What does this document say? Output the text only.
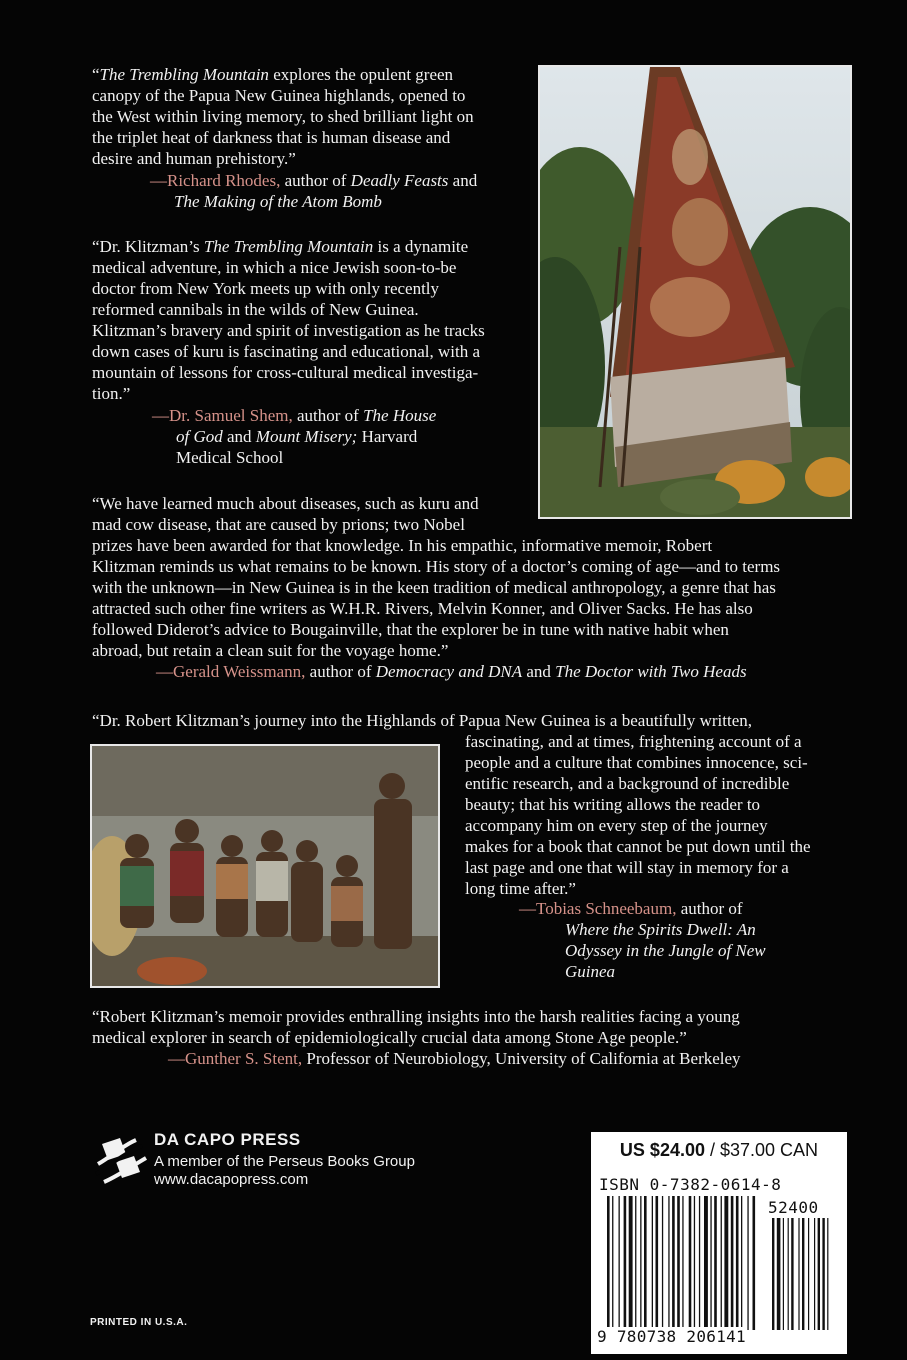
“The Trembling Mountain explores the opulent green

canopy of the Papua New Guinea highlands, opened to

the West within living memory, to shed brilliant light on

the triplet heat of darkness that is human disease and

desire and human prehistory.”

—Richard Rhodes, author of Deadly Feasts and
The Making of the Atom Bomb

“Dr. Klitzman’s The Trembling Mountain is a dynamite

medical adventure, in which a nice Jewish soon-to-be

doctor from New York meets up with only recently

reformed cannibals in the wilds of New Guinea.

Klitzman’s bravery and spirit of investigation as he tracks

down cases of kuru is fascinating and educational, with a

mountain of lessons for cross-cultural medical investiga-

tion.”

—Dr. Samuel Shem, author of The House
of God and Mount Misery; Harvard
Medical School

“We have learned much about diseases, such as kuru and

mad cow disease, that are caused by prions; two Nobel

prizes have been awarded for that knowledge. In his empathic, informative memoir, Robert

Klitzman reminds us what remains to be known. His story of a doctor’s coming of age—and to terms

with the unknown—in New Guinea is in the keen tradition of medical anthropology, a genre that has

attracted such other fine writers as W.H.R. Rivers, Melvin Konner, and Oliver Sacks. He has also

followed Diderot’s advice to Bougainville, that the explorer be in tune with native habit when

abroad, but retain a clean suit for the voyage home.”

—Gerald Weissmann, author of Democracy and DNA and The Doctor with Two Heads

“Dr. Robert Klitzman’s journey into the Highlands of Papua New Guinea is a beautifully written,

fascinating, and at times, frightening account of a

people and a culture that combines innocence, sci-

entific research, and a background of incredible

beauty; that his writing allows the reader to

accompany him on every step of the journey

makes for a book that cannot be put down until the

last page and one that will stay in memory for a

long time after.”

—Tobias Schneebaum, author of
Where the Spirits Dwell: An
Odyssey in the Jungle of New
Guinea

“Robert Klitzman’s memoir provides enthralling insights into the harsh realities facing a young

medical explorer in search of epidemiologically crucial data among Stone Age people.”

—Gunther S. Stent, Professor of Neurobiology, University of California at Berkeley
DA CAPO PRESS
A member of the Perseus Books Group
www.dacapopress.com
PRINTED IN U.S.A.
US $24.00 / $37.00 CAN
ISBN 0-7382-0614-8
52400
9 780738 206141
